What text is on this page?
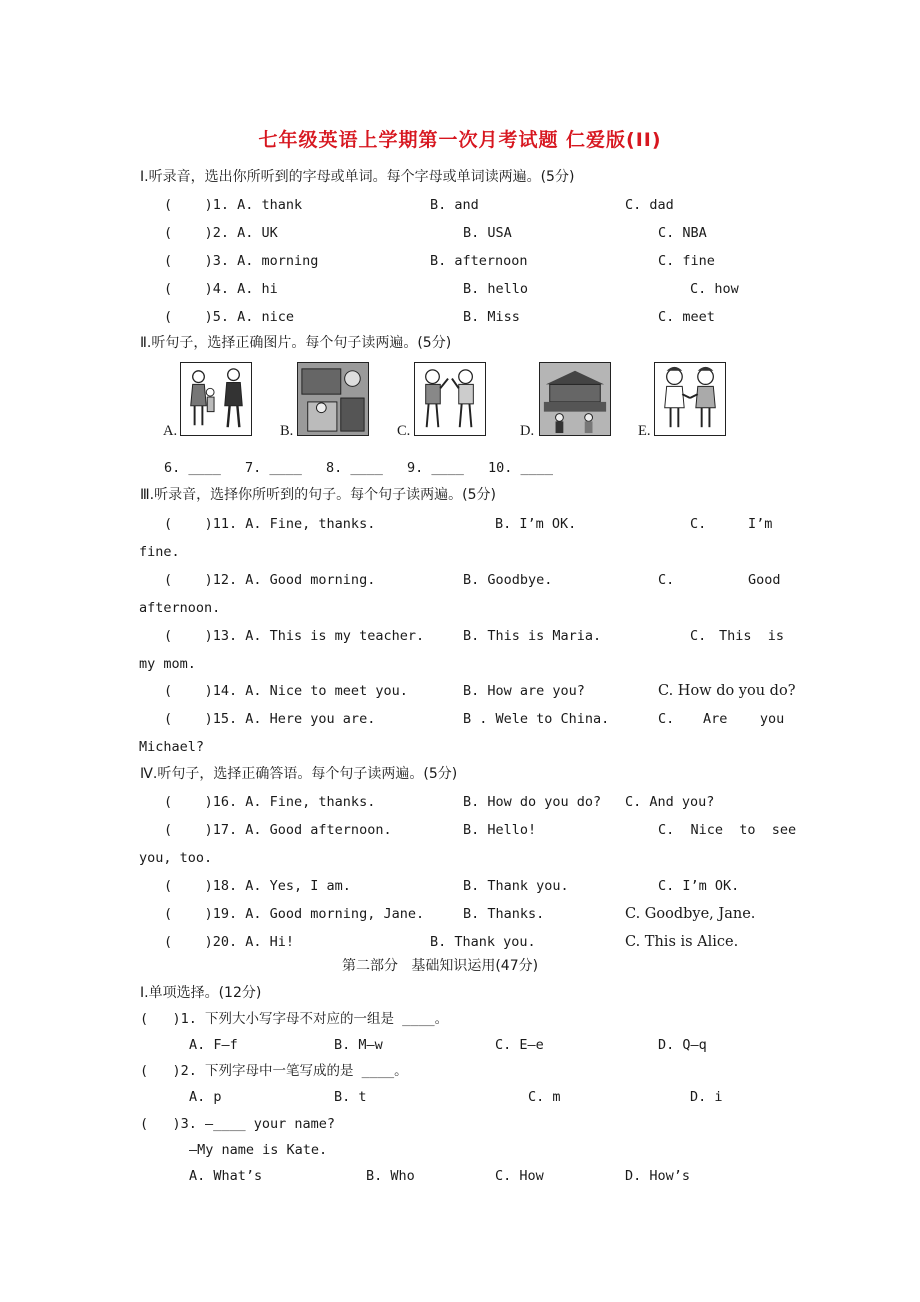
七年级英语上学期第一次月考试题 仁爱版(II)
Ⅰ.听录音，选出你所听到的字母或单词。每个字母或单词读两遍。(5分)
(    )1. A. thank	B. and	C. dad
(    )2. A. UK	B. USA	C. NBA
(    )3. A. morning	B. afternoon	C. fine
(    )4. A. hi	B. hello	C. how
(    )5. A. nice	B. Miss	C. meet
Ⅱ.听句子，选择正确图片。每个句子读两遍。(5分)
A.	B.	C.	D.	E.
6. ____ 7. ____ 8. ____ 9. ____ 10. ____
Ⅲ.听录音，选择你所听到的句子。每个句子读两遍。(5分)
(    )11. A. Fine, thanks.	B. I’m OK.	C.	I’m
fine.
(    )12. A. Good morning.	B. Goodbye.	C.	Good
afternoon.
(    )13. A. This is my teacher.	B. This is Maria.	C. This  is
my mom.
(    )14. A. Nice to meet you.	B. How are you?	C. How do you do?
(    )15. A. Here you are.	B . Wele to China.	C. Are    you
Michael?
Ⅳ.听句子，选择正确答语。每个句子读两遍。(5分)
(    )16. A. Fine, thanks.	B. How do you do? C. And you?
(    )17. A. Good afternoon.	B. Hello!	C.  Nice  to  see
you, too.
(    )18. A. Yes, I am.	B. Thank you.	C. I’m OK.
(    )19. A. Good morning, Jane.	B. Thanks.	C. Goodbye, Jane.
(    )20. A. Hi!	B. Thank you.	C. This is Alice.
第二部分   基础知识运用(47分)
Ⅰ.单项选择。(12分)
(   )1. 下列大小写字母不对应的一组是 ____。
A. F—f	B. M—w	C. E—e	D. Q—q
(   )2. 下列字母中一笔写成的是 ____。
A. p	B. t	C. m	D. i
(   )3. —____ your name?
—My name is Kate.
A. What’s	B. Who	C. How	D. How’s
